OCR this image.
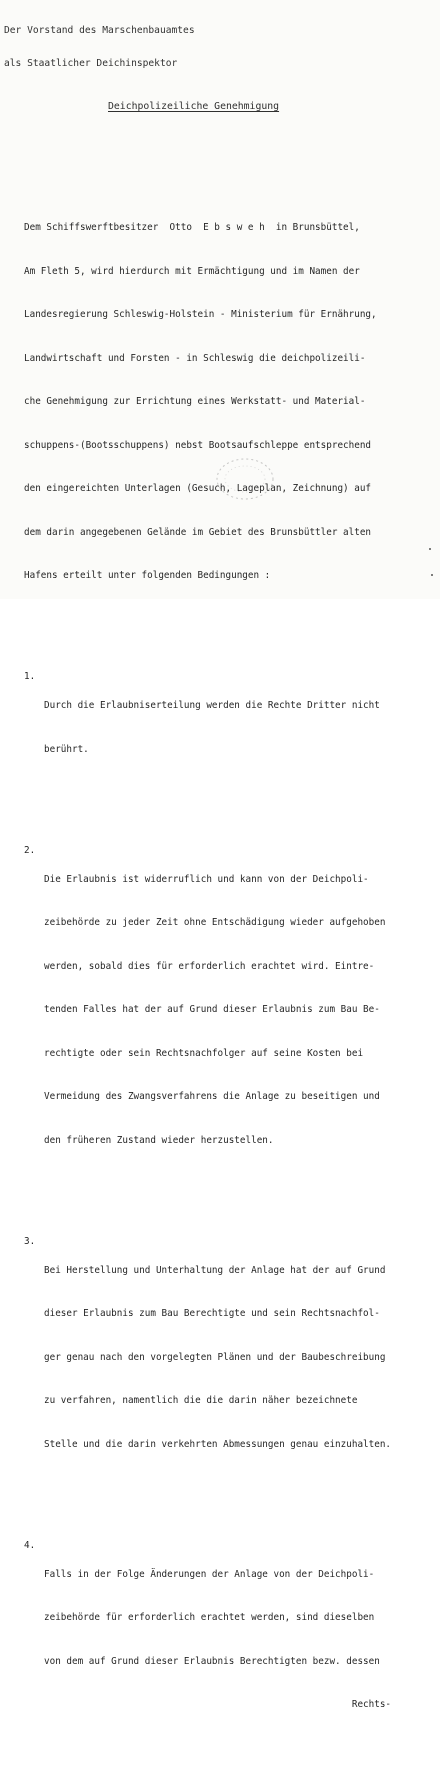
Der Vorstand des Marschenbauamtes

als Staatlicher Deichinspektor

Deichpolizeiliche Genehmigung

Dem Schiffswerftbesitzer  Otto  E b s w e h  in Brunsbüttel,

Am Fleth 5, wird hierdurch mit Ermächtigung und im Namen der

Landesregierung Schleswig-Holstein - Ministerium für Ernährung,

Landwirtschaft und Forsten - in Schleswig die deichpolizeili-

che Genehmigung zur Errichtung eines Werkstatt- und Material-

schuppens-(Bootsschuppens) nebst Bootsaufschleppe entsprechend

den eingereichten Unterlagen (Gesuch, Lageplan, Zeichnung) auf

dem darin angegebenen Gelände im Gebiet des Brunsbüttler alten

Hafens erteilt unter folgenden Bedingungen :

1.

Durch die Erlaubniserteilung werden die Rechte Dritter nicht

berührt.

2.

Die Erlaubnis ist widerruflich und kann von der Deichpoli-

zeibehörde zu jeder Zeit ohne Entschädigung wieder aufgehoben

werden, sobald dies für erforderlich erachtet wird. Eintre-

tenden Falles hat der auf Grund dieser Erlaubnis zum Bau Be-

rechtigte oder sein Rechtsnachfolger auf seine Kosten bei

Vermeidung des Zwangsverfahrens die Anlage zu beseitigen und

den früheren Zustand wieder herzustellen.

3.

Bei Herstellung und Unterhaltung der Anlage hat der auf Grund

dieser Erlaubnis zum Bau Berechtigte und sein Rechtsnachfol-

ger genau nach den vorgelegten Plänen und der Baubeschreibung

zu verfahren, namentlich die die darin näher bezeichnete

Stelle und die darin verkehrten Abmessungen genau einzuhalten.

4.

Falls in der Folge Änderungen der Anlage von der Deichpoli-

zeibehörde für erforderlich erachtet werden, sind dieselben

von dem auf Grund dieser Erlaubnis Berechtigten bezw. dessen

Rechts-
